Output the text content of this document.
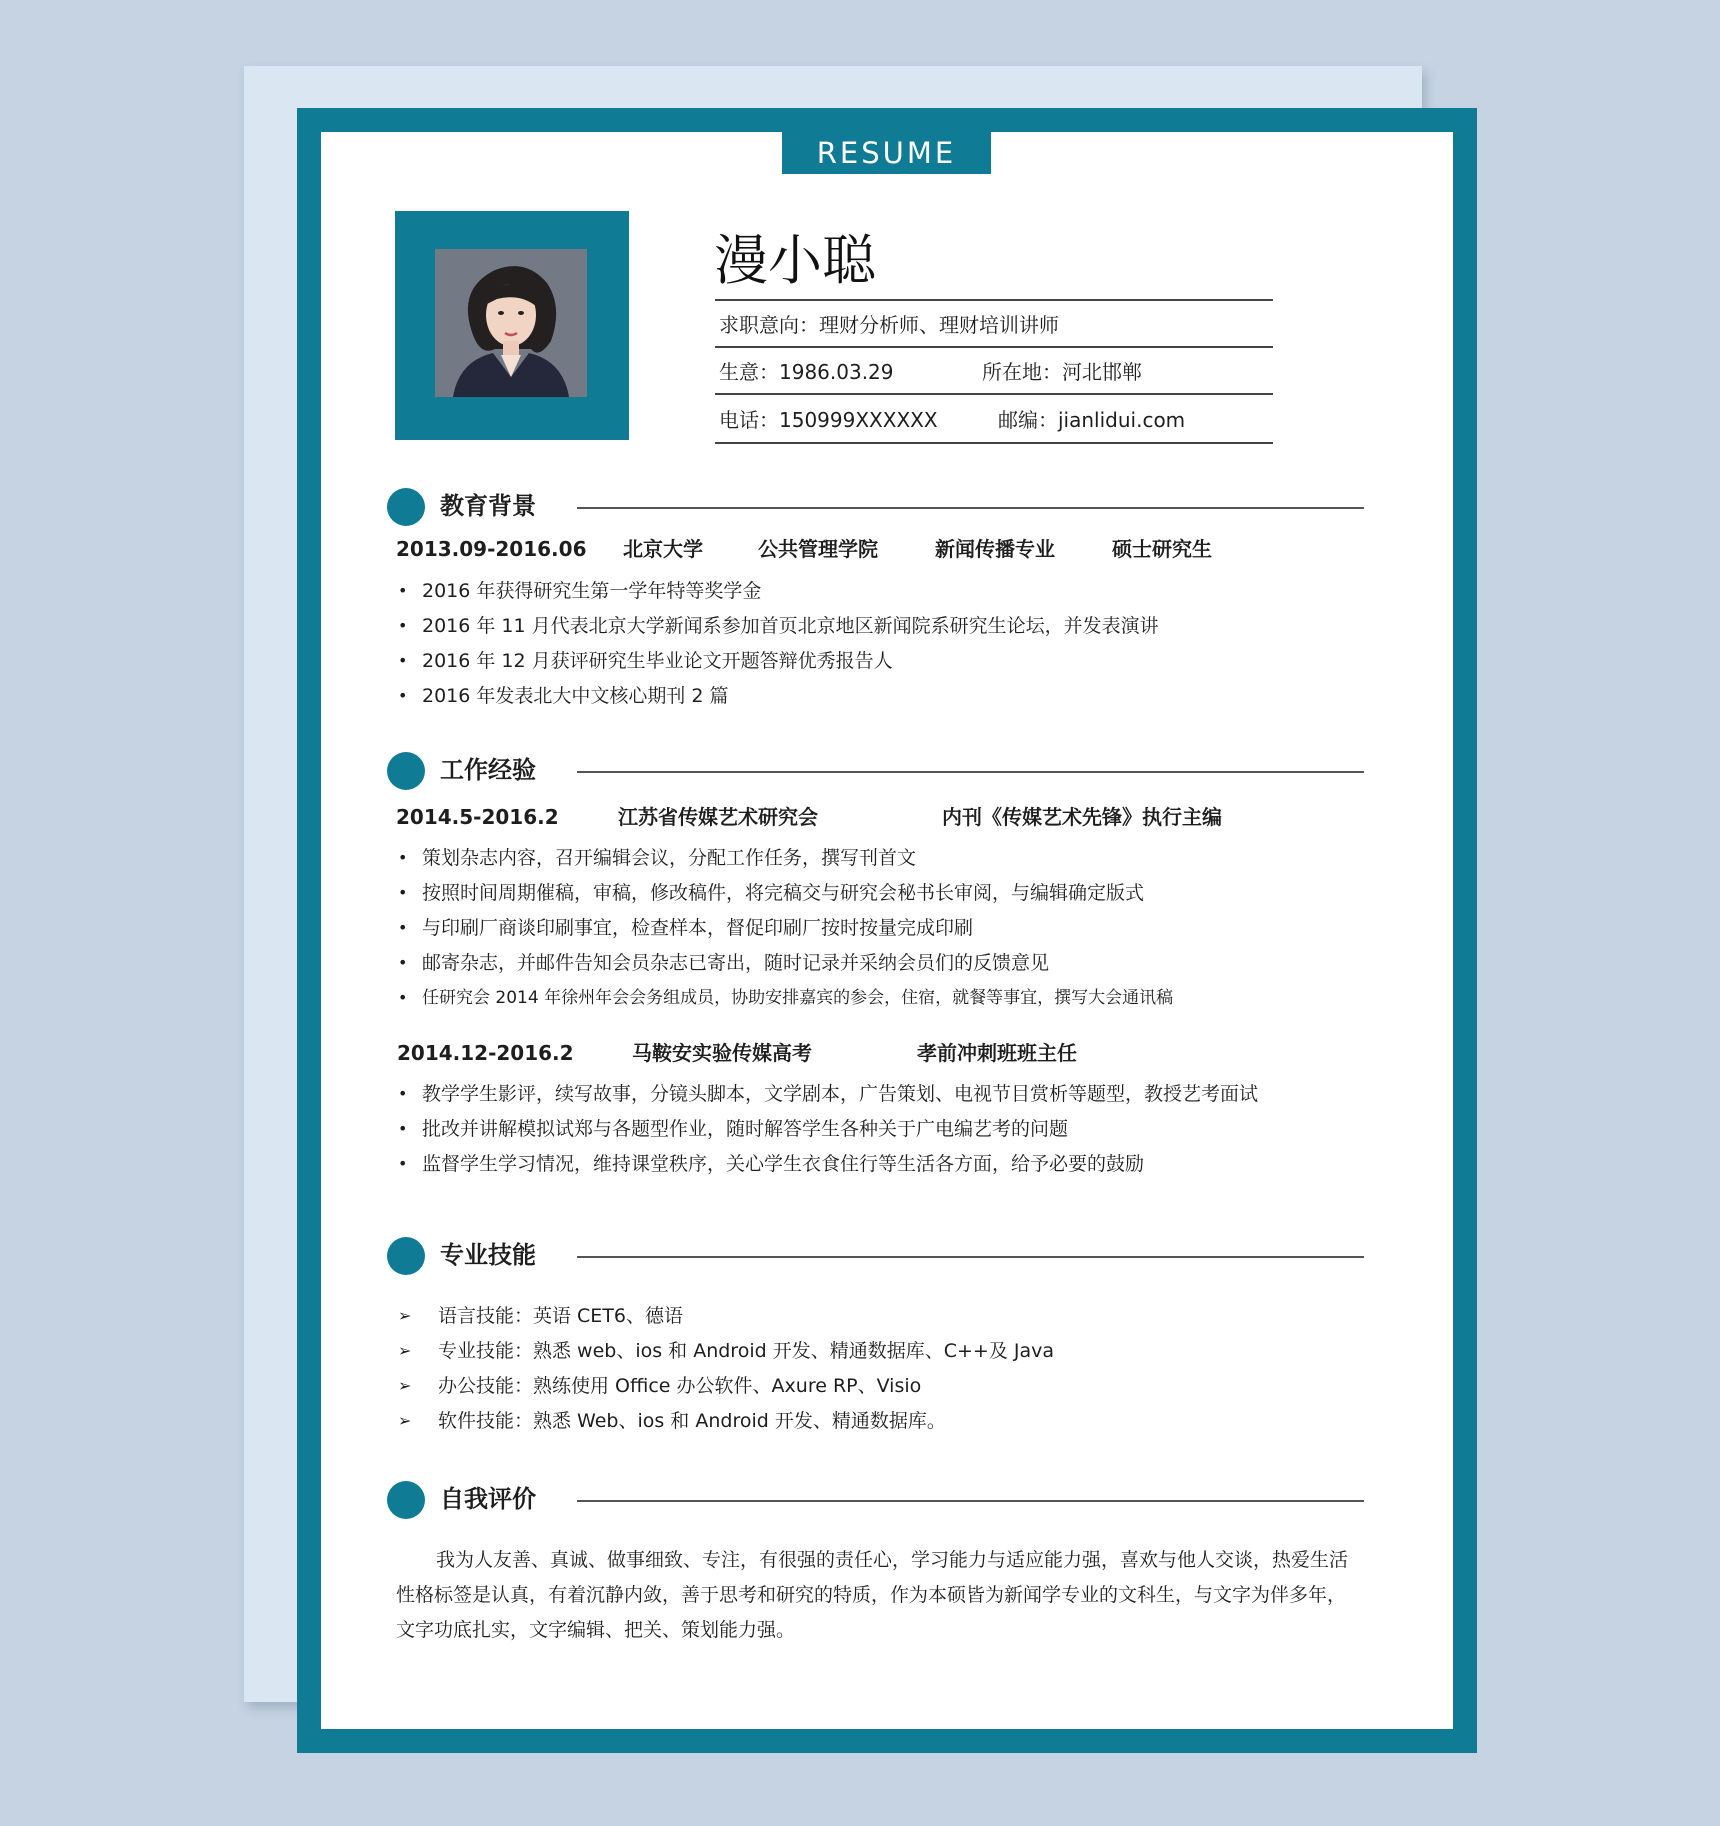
RESUME
漫小聪
求职意向：理财分析师、理财培训讲师
生意：1986.03.29	所在地：河北邯郸
电话：150999XXXXXX	邮编：jianlidui.com
教育背景
2013.09-2016.06 北京大学	公共管理学院	新闻传播专业	硕士研究生
• 2016 年获得研究生第一学年特等奖学金
• 2016 年 11 月代表北京大学新闻系参加首页北京地区新闻院系研究生论坛，并发表演讲
• 2016 年 12 月获评研究生毕业论文开题答辩优秀报告人
• 2016 年发表北大中文核心期刊 2 篇
工作经验
2014.5-2016.2	江苏省传媒艺术研究会	内刊《传媒艺术先锋》执行主编
• 策划杂志内容，召开编辑会议，分配工作任务，撰写刊首文
• 按照时间周期催稿，审稿，修改稿件，将完稿交与研究会秘书长审阅，与编辑确定版式
• 与印刷厂商谈印刷事宜，检查样本，督促印刷厂按时按量完成印刷
• 邮寄杂志，并邮件告知会员杂志已寄出，随时记录并采纳会员们的反馈意见
• 任研究会 2014 年徐州年会会务组成员，协助安排嘉宾的参会，住宿，就餐等事宜，撰写大会通讯稿
2014.12-2016.2	马鞍安实验传媒高考	孝前冲刺班班主任
• 教学学生影评，续写故事，分镜头脚本，文学剧本，广告策划、电视节目赏析等题型，教授艺考面试
• 批改并讲解模拟试郑与各题型作业，随时解答学生各种关于广电编艺考的问题
• 监督学生学习情况，维持课堂秩序，关心学生衣食住行等生活各方面，给予必要的鼓励
专业技能
➢ 语言技能：英语 CET6、德语
➢ 专业技能：熟悉 web、ios 和 Android 开发、精通数据库、C++及 Java
➢ 办公技能：熟练使用 Office 办公软件、Axure RP、Visio
➢ 软件技能：熟悉 Web、ios 和 Android 开发、精通数据库。
自我评价
我为人友善、真诚、做事细致、专注，有很强的责任心，学习能力与适应能力强，喜欢与他人交谈，热爱生活性格标签是认真，有着沉静内敛，善于思考和研究的特质，作为本硕皆为新闻学专业的文科生，与文字为伴多年，文字功底扎实，文字编辑、把关、策划能力强。
